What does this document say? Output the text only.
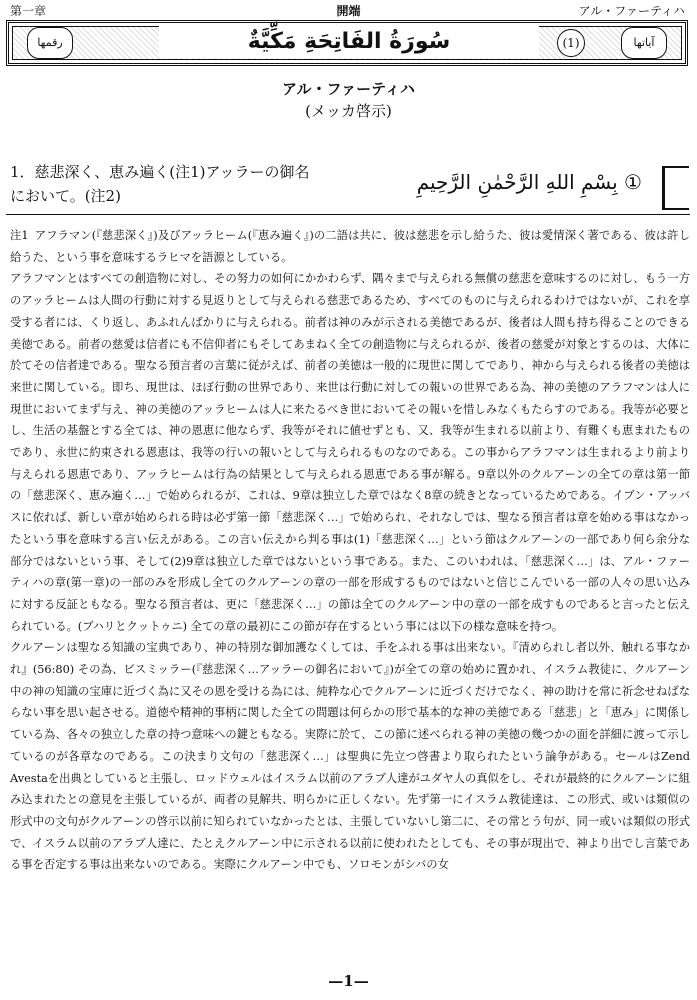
第一章	開端	アル・ファーティハ
رقمها	سُورَةُ الفَاتِحَةِ مَكِّيَّةٌ	(1)	آياتها
アル・ファーティハ
(メッカ啓示)
1．慈悲深く、恵み遍く(注1)アッラーの御名
において。(注2)
بِسْمِ اللهِ الرَّحْمٰنِ الرَّحِيمِ ①

注1 アフラマン(『慈悲深く』)及びアッラヒーム(『恵み遍く』)の二語は共に、彼は慈悲を示し給うた、彼は愛情深く著である、彼は許し給うた、という事を意味するラヒマを語源としている。

アラフマンとはすべての創造物に対し、その努力の如何にかかわらず、隅々まで与えられる無償の慈悲を意味するのに対し、もう一方のアッラヒームは人間の行動に対する見返りとして与えられる慈悲であるため、すべてのものに与えられるわけではないが、これを享受する者には、くり返し、あふれんばかりに与えられる。前者は神のみが示される美徳であるが、後者は人間も持ち得ることのできる美徳である。前者の慈愛は信者にも不信仰者にもそしてあまねく全ての創造物に与えられるが、後者の慈愛が対象とするのは、大体に於てその信者達である。聖なる預言者の言葉に従がえば、前者の美徳は一般的に現世に関してであり、神から与えられる後者の美徳は来世に関している。即ち、現世は、ほぼ行動の世界であり、来世は行動に対しての報いの世界である為、神の美徳のアラフマンは人に現世においてまず与え、神の美徳のアッラヒームは人に来たるべき世においてその報いを惜しみなくもたらすのである。我等が必要とし、生活の基盤とする全ては、神の恩恵に他ならず、我等がそれに値せずとも、又、我等が生まれる以前より、有難くも恵まれたものであり、永世に約束される恩恵は、我等の行いの報いとして与えられるものなのである。この事からアラフマンは生まれるより前より与えられる恩恵であり、アッラヒームは行為の結果として与えられる恩恵である事が解る。9章以外のクルアーンの全ての章は第一節の「慈悲深く、恵み遍く…」で始められるが、これは、9章は独立した章ではなく8章の続きとなっているためである。イブン・アッバスに依れば、新しい章が始められる時は必ず第一節「慈悲深く…」で始められ、それなしでは、聖なる預言者は章を始める事はなかったという事を意味する言い伝えがある。この言い伝えから判る事は(1)「慈悲深く…」という節はクルアーンの一部であり何ら余分な部分ではないという事、そして(2)9章は独立した章ではないという事である。また、このいわれは、「慈悲深く…」は、アル・ファーティハの章(第一章)の一部のみを形成し全てのクルアーンの章の一部を形成するものではないと信じこんでいる一部の人々の思い込みに対する反証ともなる。聖なる預言者は、更に「慈悲深く…」の節は全てのクルアーン中の章の一部を成すものであると言ったと伝えられている。(ブハリとクットゥニ) 全ての章の最初にこの節が存在するという事には以下の様な意味を持つ。

クルアーンは聖なる知識の宝典であり、神の特別な御加護なくしては、手をふれる事は出来ない。『清められし者以外、触れる事なかれ』(56:80) その為、ビスミッラー(『慈悲深く…アッラーの御名において』)が全ての章の始めに置かれ、イスラム教徒に、クルアーン中の神の知識の宝庫に近づく為に又その恩を受ける為には、純粋な心でクルアーンに近づくだけでなく、神の助けを常に祈念せねばならない事を思い起させる。道徳や精神的事柄に関した全ての問題は何らかの形で基本的な神の美徳である「慈悲」と「恵み」に関係している為、各々の独立した章の持つ意味への鍵ともなる。実際に於て、この節に述べられる神の美徳の幾つかの面を詳細に渡って示しているのが各章なのである。この決まり文句の「慈悲深く…」は聖典に先立つ啓書より取られたという論争がある。セールはZend Avestaを出典としていると主張し、ロッドウェルはイスラム以前のアラブ人達がユダヤ人の真似をし、それが最終的にクルアーンに組み込まれたとの意見を主張しているが、両者の見解共、明らかに正しくない。先ず第一にイスラム教徒達は、この形式、或いは類似の形式中の文句がクルアーンの啓示以前に知られていなかったとは、主張していないし第二に、その常とう句が、同一或いは類似の形式で、イスラム以前のアラブ人達に、たとえクルアーン中に示される以前に使われたとしても、その事が現出で、神より出でし言葉である事を否定する事は出来ないのである。実際にクルアーン中でも、ソロモンがシバの女

—1—
